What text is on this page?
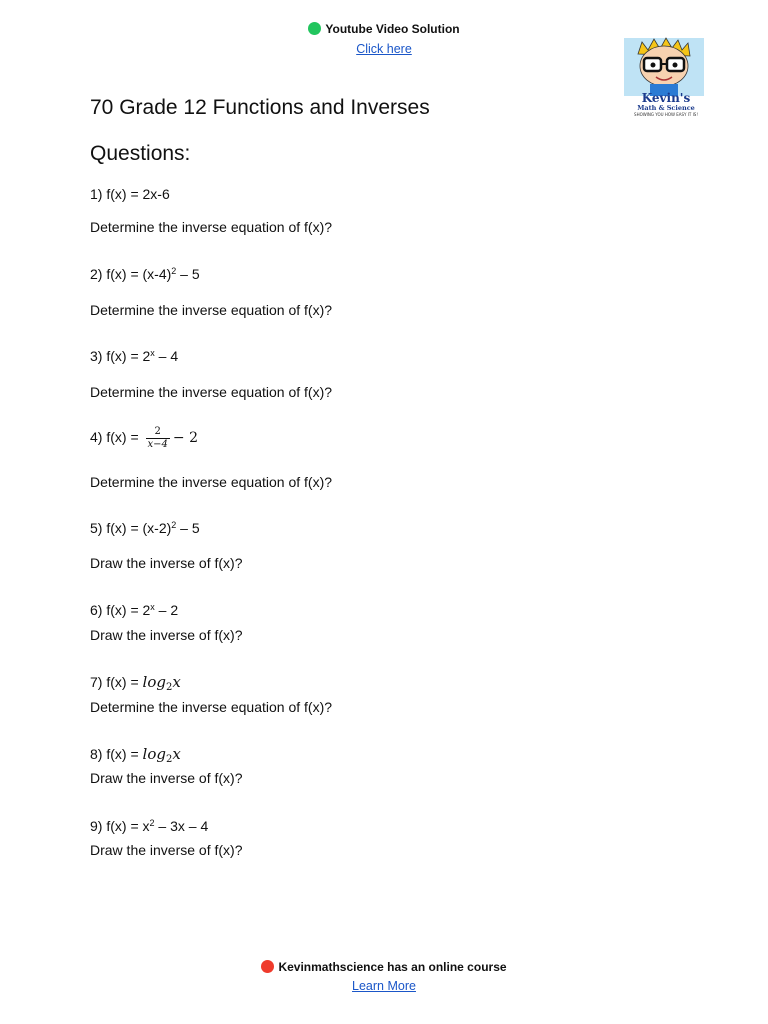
Youtube Video Solution
Click here
Kevin's
Math & Science
SHOWING YOU HOW EASY IT IS!
70 Grade 12 Functions and Inverses
Questions:
1) f(x) = 2x-6
Determine the inverse equation of f(x)?
2) $f(x) = (x-4)^2 - 5$
Determine the inverse equation of f(x)?
3) $f(x) = 2^x - 4$
Determine the inverse equation of f(x)?
4) $f(x) = \frac{2}{x-4} - 2$
Determine the inverse equation of f(x)?
5) $f(x) = (x-2)^2 - 5$
Draw the inverse of f(x)?
6) $f(x) = 2^x - 2$
Draw the inverse of f(x)?
7) $f(x) = \log_2x$
Determine the inverse equation of f(x)?
8) $f(x) = \log_2x$
Draw the inverse of f(x)?
9) $f(x) = x^2 - 3x - 4$
Draw the inverse of f(x)?
Kevinmathscience has an online course
Learn More
